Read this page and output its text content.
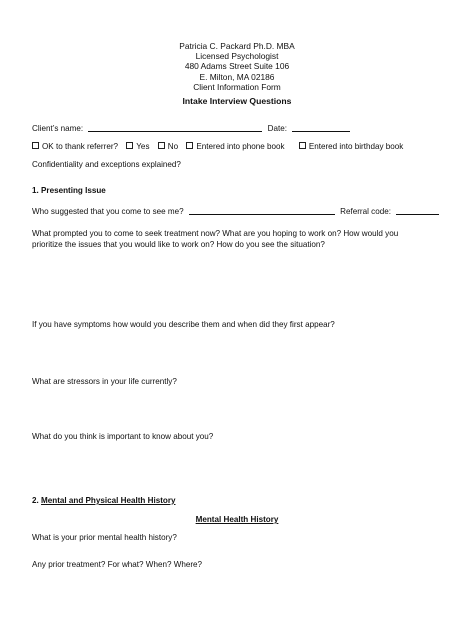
Patricia C. Packard Ph.D. MBA
Licensed Psychologist
480 Adams Street Suite 106
E. Milton, MA 02186
Client Information Form
Intake Interview Questions
Client’s name:	Date:
OK to thank referrer? Yes No Entered into phone book	Entered into birthday book
Confidentiality and exceptions explained?
1. Presenting Issue
Who suggested that you come to see me?	Referral code:
What prompted you to come to seek treatment now? What are you hoping to work on? How would you prioritize the issues that you would like to work on? How do you see the situation?
If you have symptoms how would you describe them and when did they first appear?
What are stressors in your life currently?
What do you think is important to know about you?
2. Mental and Physical Health History
Mental Health History
What is your prior mental health history?
Any prior treatment? For what? When? Where?
